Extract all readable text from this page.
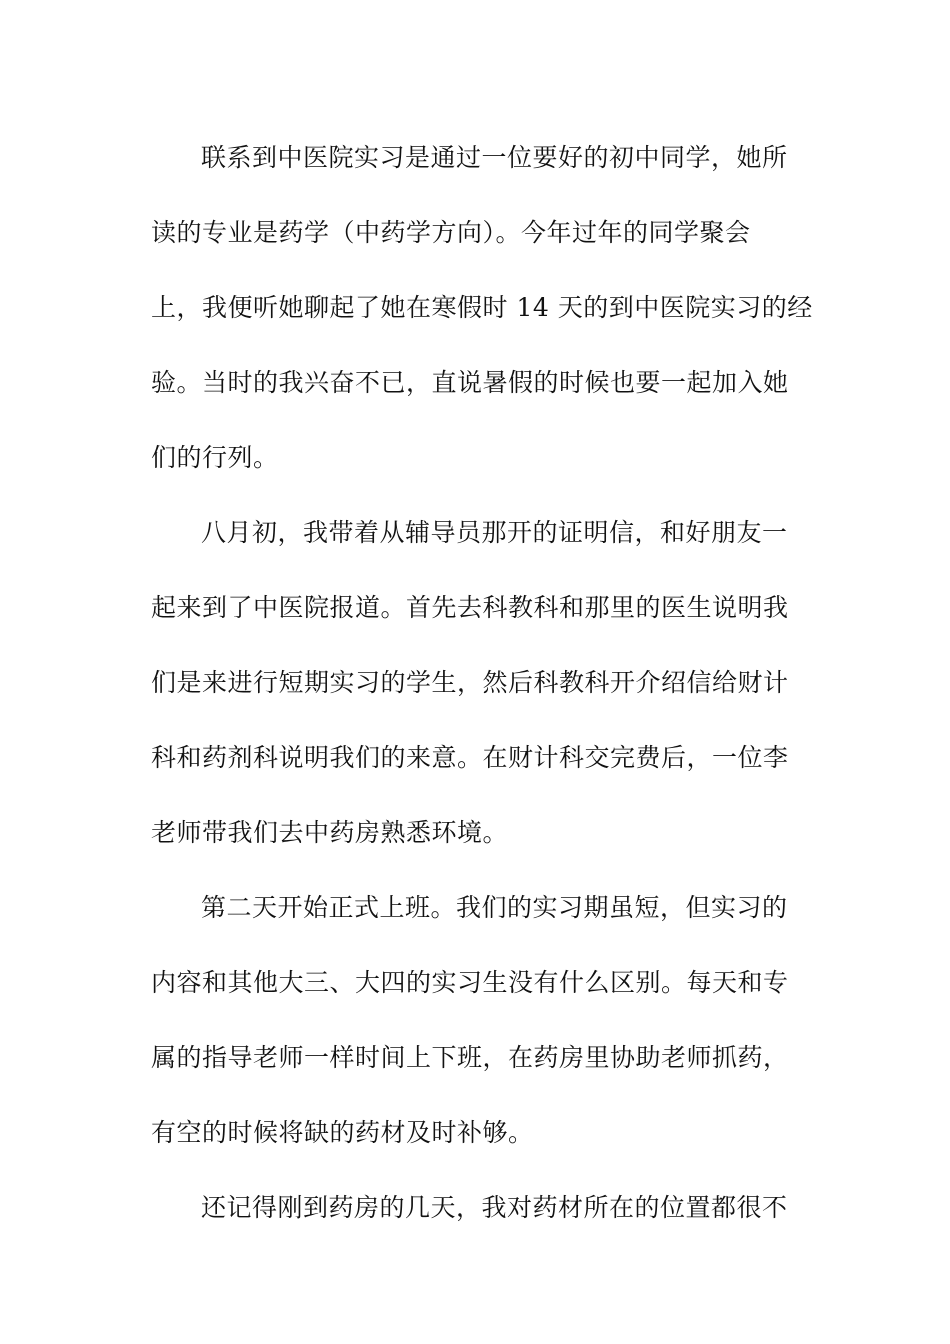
联系到中医院实习是通过一位要好的初中同学，她所
读的专业是药学（中药学方向）。今年过年的同学聚会
上，我便听她聊起了她在寒假时 14 天的到中医院实习的经
验。当时的我兴奋不已，直说暑假的时候也要一起加入她
们的行列。
八月初，我带着从辅导员那开的证明信，和好朋友一
起来到了中医院报道。首先去科教科和那里的医生说明我
们是来进行短期实习的学生，然后科教科开介绍信给财计
科和药剂科说明我们的来意。在财计科交完费后，一位李
老师带我们去中药房熟悉环境。
第二天开始正式上班。我们的实习期虽短，但实习的
内容和其他大三、大四的实习生没有什么区别。每天和专
属的指导老师一样时间上下班，在药房里协助老师抓药，
有空的时候将缺的药材及时补够。
还记得刚到药房的几天，我对药材所在的位置都很不
